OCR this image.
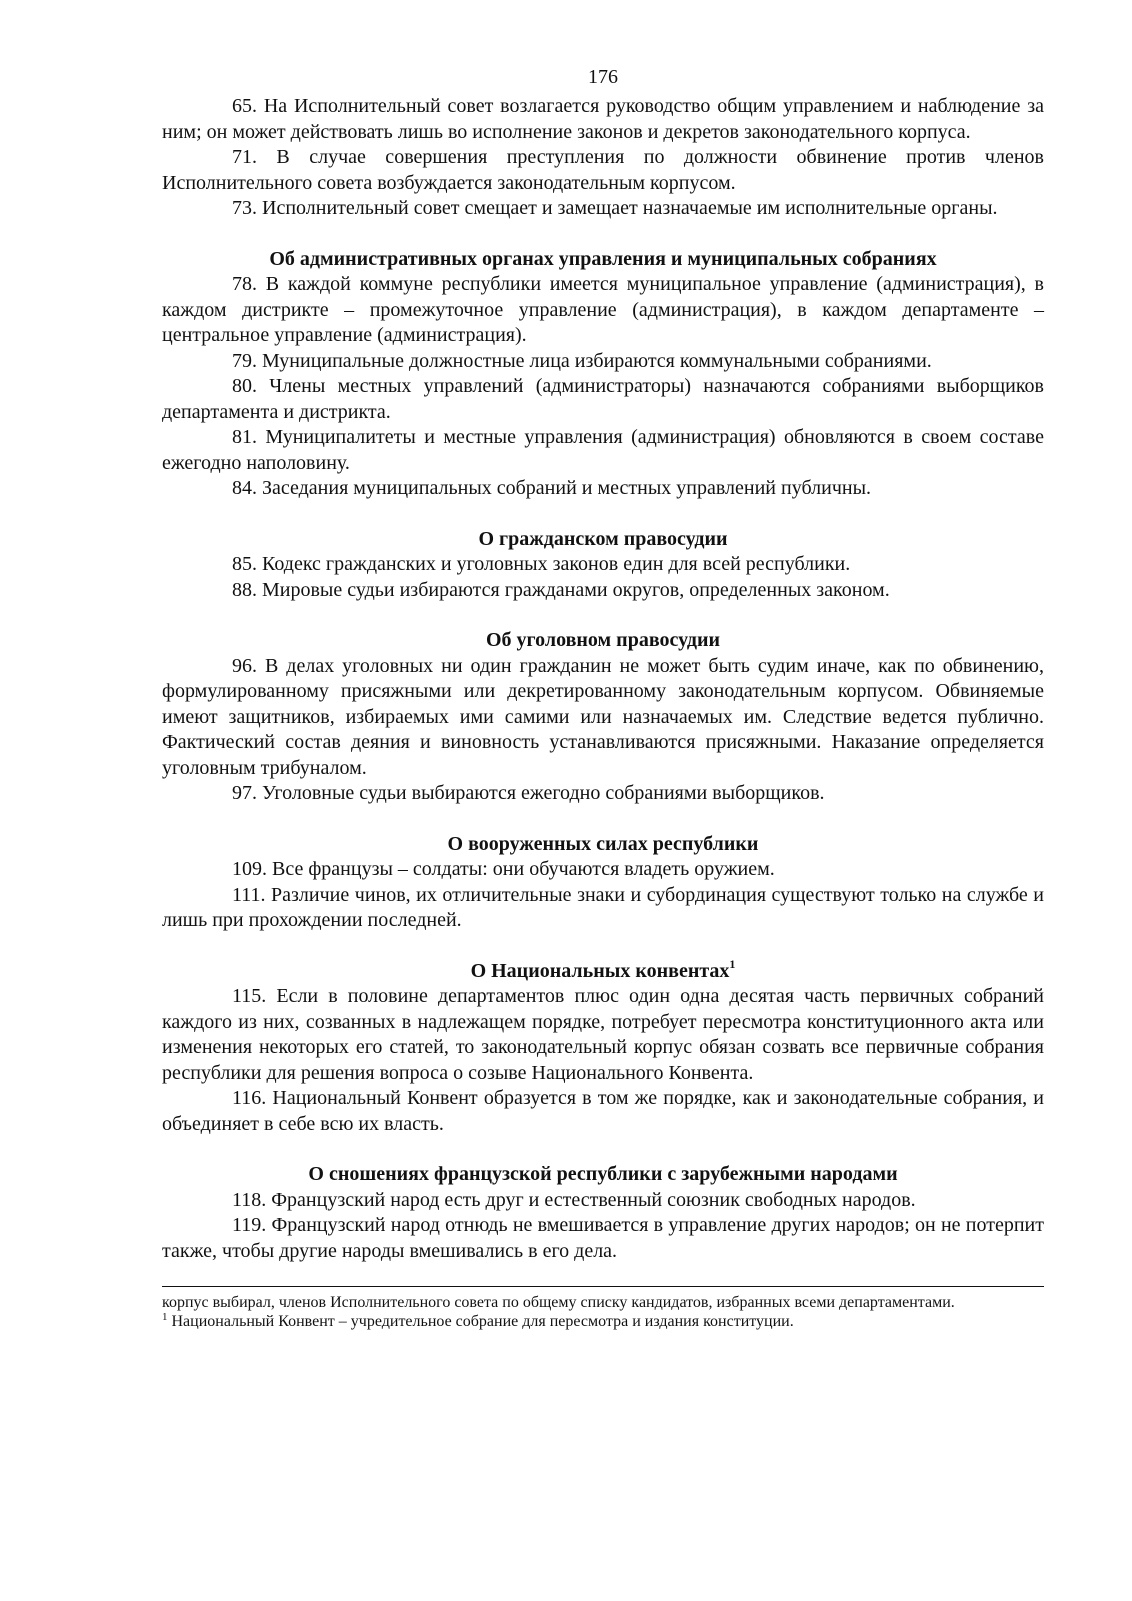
176

65. На Исполнительный совет возлагается руководство общим управлением и наблюдение за ним; он может действовать лишь во исполнение законов и декретов законодательного корпуса.

71. В случае совершения преступления по должности обвинение против членов Исполнительного совета возбуждается законодательным корпусом.

73. Исполнительный совет смещает и замещает назначаемые им исполнительные органы.

Об административных органах управления и муниципальных собраниях

78. В каждой коммуне республики имеется муниципальное управление (администрация), в каждом дистрикте – промежуточное управление (администрация), в каждом департаменте – центральное управление (администрация).

79. Муниципальные должностные лица избираются коммунальными собраниями.

80. Члены местных управлений (администраторы) назначаются собраниями выборщиков департамента и дистрикта.

81. Муниципалитеты и местные управления (администрация) обновляются в своем составе ежегодно наполовину.

84. Заседания муниципальных собраний и местных управлений публичны.

О гражданском правосудии

85. Кодекс гражданских и уголовных законов един для всей республики.

88. Мировые судьи избираются гражданами округов, определенных законом.

Об уголовном правосудии

96. В делах уголовных ни один гражданин не может быть судим иначе, как по обвинению, формулированному присяжными или декретированному законодательным корпусом. Обвиняемые имеют защитников, избираемых ими самими или назначаемых им. Следствие ведется публично. Фактический состав деяния и виновность устанавливаются присяжными. Наказание определяется уголовным трибуналом.

97. Уголовные судьи выбираются ежегодно собраниями выборщиков.

О вооруженных силах республики

109. Все французы – солдаты: они обучаются владеть оружием.

111. Различие чинов, их отличительные знаки и субординация существуют только на службе и лишь при прохождении последней.

О Национальных конвентах$^1$

115. Если в половине департаментов плюс один одна десятая часть первичных собраний каждого из них, созванных в надлежащем порядке, потребует пересмотра конституционного акта или изменения некоторых его статей, то законодательный корпус обязан созвать все первичные собрания республики для решения вопроса о созыве Национального Конвента.

116. Национальный Конвент образуется в том же порядке, как и законодательные собрания, и объединяет в себе всю их власть.

О сношениях французской республики с зарубежными народами

118. Французский народ есть друг и естественный союзник свободных народов.

119. Французский народ отнюдь не вмешивается в управление других народов; он не потерпит также, чтобы другие народы вмешивались в его дела.

корпус выбирал, членов Исполнительного совета по общему списку кандидатов, избранных всеми департаментами.

$^1$ Национальный Конвент – учредительное собрание для пересмотра и издания конституции.
